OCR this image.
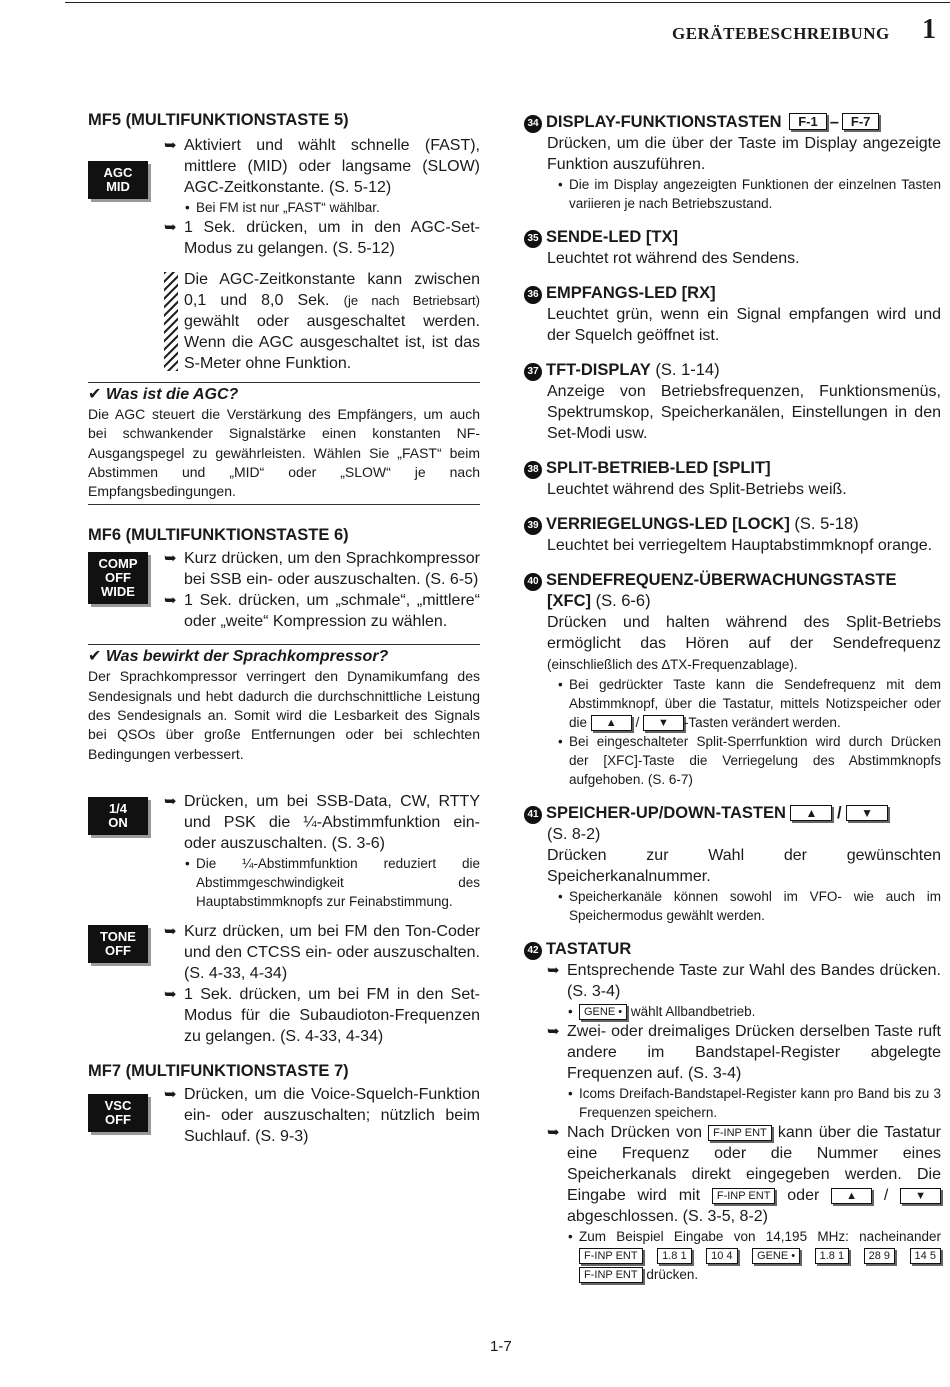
GERÄTEBESCHREIBUNG 1
MF5 (MULTIFUNKTIONSTASTE 5)
AGC
MID
➥ Aktiviert und wählt schnelle (FAST), mittlere (MID) oder langsame (SLOW) AGC-Zeitkonstante. (S. 5-12)
• Bei FM ist nur „FAST“ wählbar.
➥ 1 Sek. drücken, um in den AGC-Set-Modus zu gelangen. (S. 5-12)
Die AGC-Zeitkonstante kann zwischen 0,1 und 8,0 Sek. (je nach Betriebsart) gewählt oder ausgeschaltet werden. Wenn die AGC ausgeschaltet ist, ist das S-Meter ohne Funktion.
✔ Was ist die AGC?
Die AGC steuert die Verstärkung des Empfängers, um auch bei schwankender Signalstärke einen konstanten NF-Ausgangspegel zu gewährleisten. Wählen Sie „FAST“ beim Abstimmen und „MID“ oder „SLOW“ je nach Empfangsbedingungen.
MF6 (MULTIFUNKTIONSTASTE 6)
COMP
OFF
WIDE
➥ Kurz drücken, um den Sprachkompressor bei SSB ein- oder auszuschalten. (S. 6-5)
➥ 1 Sek. drücken, um „schmale“, „mittlere“ oder „weite“ Kompression zu wählen.
✔ Was bewirkt der Sprachkompressor?
Der Sprachkompressor verringert den Dynamikumfang des Sendesignals und hebt dadurch die durchschnittliche Leistung des Sendesignals an. Somit wird die Lesbarkeit des Signals bei QSOs über große Entfernungen oder bei schlechten Bedingungen verbessert.
1/4
ON
➥ Drücken, um bei SSB-Data, CW, RTTY und PSK die ¼-Abstimmfunktion ein- oder auszuschalten. (S. 3-6)
• Die ¼-Abstimmfunktion reduziert die Abstimmgeschwindigkeit des Hauptabstimmknopfs zur Feinabstimmung.
TONE
OFF
➥ Kurz drücken, um bei FM den Ton-Coder und den CTCSS ein- oder auszuschalten. (S. 4-33, 4-34)
➥ 1 Sek. drücken, um bei FM in den Set-Modus für die Subaudioton-Frequenzen zu gelangen. (S. 4-33, 4-34)
MF7 (MULTIFUNKTIONSTASTE 7)
VSC
OFF
➥ Drücken, um die Voice-Squelch-Funktion ein- oder auszuschalten; nützlich beim Suchlauf. (S. 9-3)
34 DISPLAY-FUNKTIONSTASTEN F-1 – F-7
Drücken, um die über der Taste im Display angezeigte Funktion auszuführen.
• Die im Display angezeigten Funktionen der einzelnen Tasten variieren je nach Betriebszustand.
35 SENDE-LED [TX]
Leuchtet rot während des Sendens.
36 EMPFANGS-LED [RX]
Leuchtet grün, wenn ein Signal empfangen wird und der Squelch geöffnet ist.
37 TFT-DISPLAY (S. 1-14)
Anzeige von Betriebsfrequenzen, Funktionsmenüs, Spektrumskop, Speicherkanälen, Einstellungen in den Set-Modi usw.
38 SPLIT-BETRIEB-LED [SPLIT]
Leuchtet während des Split-Betriebs weiß.
39 VERRIEGELUNGS-LED [LOCK] (S. 5-18)
Leuchtet bei verriegeltem Hauptabstimmknopf orange.
40 SENDEFREQUENZ-ÜBERWACHUNGSTASTE
[XFC] (S. 6-6)
Drücken und halten während des Split-Betriebs ermöglicht das Hören auf der Sendefrequenz (einschließlich des ∆TX-Frequenzablage).
• Bei gedrückter Taste kann die Sendefrequenz mit dem Abstimmknopf, über die Tastatur, mittels Notizspeicher oder die ▲ / ▼ -Tasten verändert werden.
• Bei eingeschalteter Split-Sperrfunktion wird durch Drücken der [XFC]-Taste die Verriegelung des Abstimmknopfs aufgehoben. (S. 6-7)
41 SPEICHER-UP/DOWN-TASTEN ▲ / ▼
(S. 8-2)
Drücken zur Wahl der gewünschten Speicherkanalnummer.
• Speicherkanäle können sowohl im VFO- wie auch im Speichermodus gewählt werden.
42 TASTATUR
➥ Entsprechende Taste zur Wahl des Bandes drücken. (S. 3-4)
• GENE • wählt Allbandbetrieb.
➥ Zwei- oder dreimaliges Drücken derselben Taste ruft andere im Bandstapel-Register abgelegte Frequenzen auf. (S. 3-4)
• Icoms Dreifach-Bandstapel-Register kann pro Band bis zu 3 Frequenzen speichern.
➥ Nach Drücken von F-INP ENT kann über die Tastatur eine Frequenz oder die Nummer eines Speicherkanals direkt eingegeben werden. Die Eingabe wird mit F-INP ENT oder ▲ / ▼ abgeschlossen. (S. 3-5, 8-2)
• Zum Beispiel Eingabe von 14,195 MHz: nacheinander F-INP ENT 1.8 1 10 4 GENE • 1.8 1 28 9 14 5 F-INP ENT drücken.
1-7
